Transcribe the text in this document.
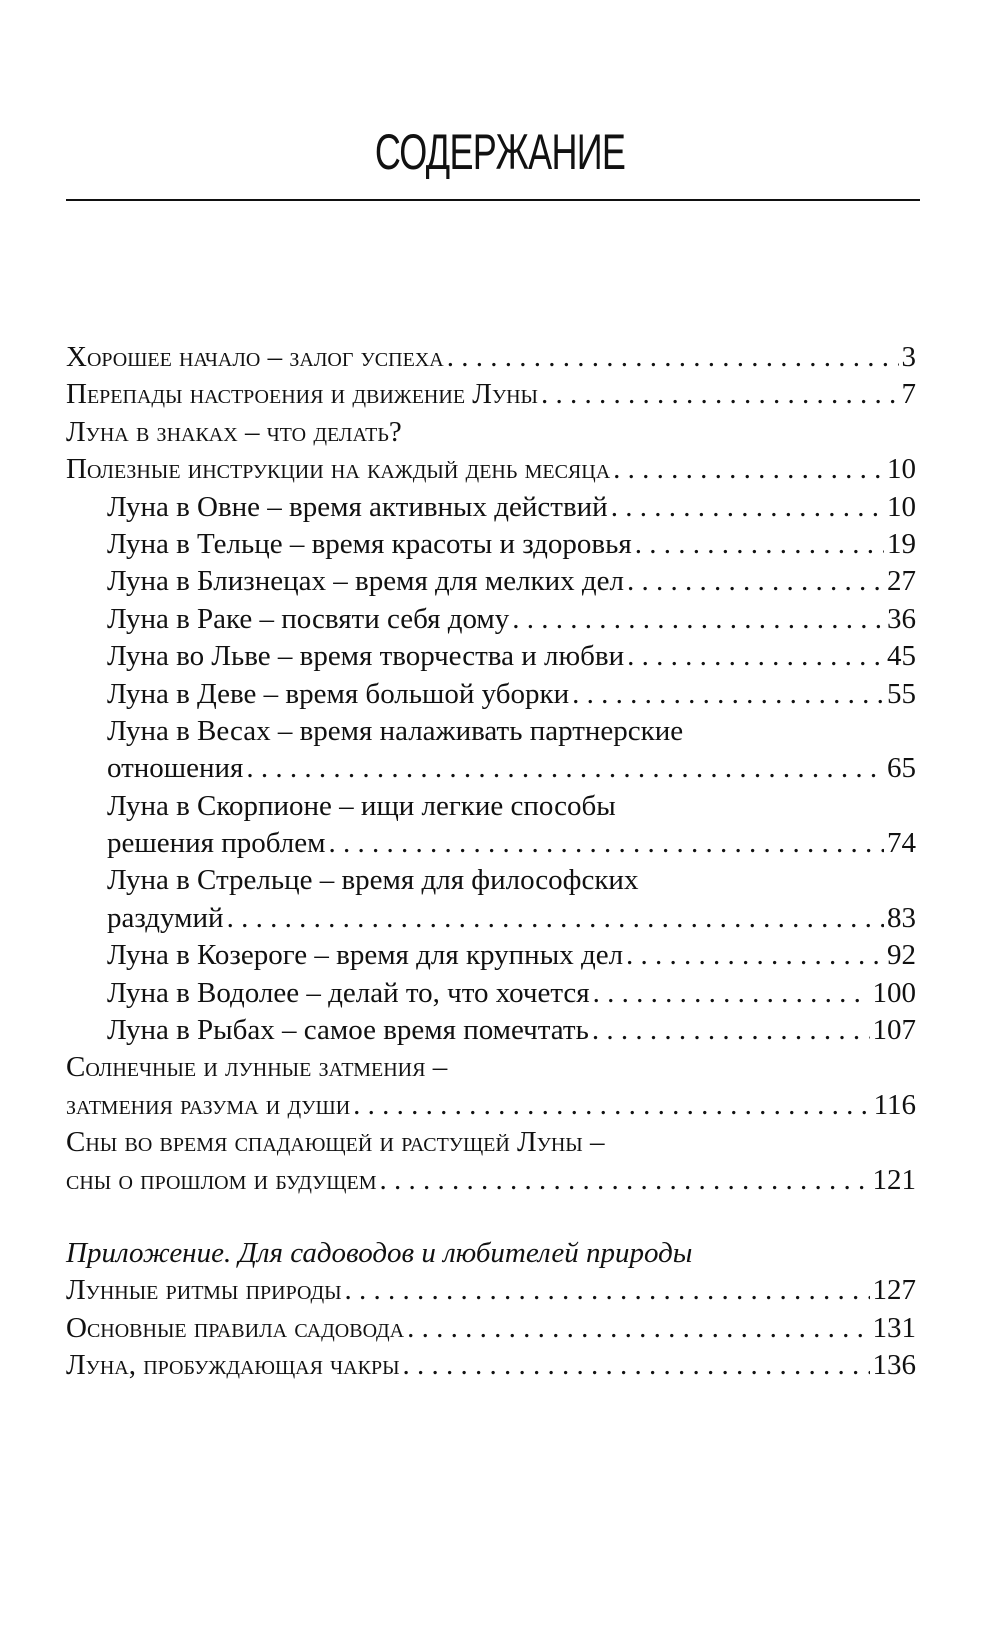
СОДЕРЖАНИЕ
Хорошее начало – залог успеха . . .	3
Перепады настроения и движение Луны . . .	7
Луна в знаках – что делать?
Полезные инструкции на каждый день месяца . . .	10
Луна в Овне – время активных действий . . .	10
Луна в Тельце – время красоты и здоровья . . .	19
Луна в Близнецах – время для мелких дел . . .	27
Луна в Раке – посвяти себя дому . . .	36
Луна во Льве – время творчества и любви . . .	45
Луна в Деве – время большой уборки . . .	55
Луна в Весах – время налаживать партнерские
отношения . . .	65
Луна в Скорпионе – ищи легкие способы
решения проблем . . .	74
Луна в Стрельце – время для философских
раздумий . . .	83
Луна в Козероге – время для крупных дел . . .	92
Луна в Водолее – делай то, что хочется . . .	100
Луна в Рыбах – самое время помечтать . . .	107
Солнечные и лунные затмения –
затмения разума и души . . .	116
Сны во время спадающей и растущей Луны –
сны о прошлом и будущем . . .	121
Приложение. Для садоводов и любителей природы
Лунные ритмы природы . . .	127
Основные правила садовода . . .	131
Луна, пробуждающая чакры . . .	136
